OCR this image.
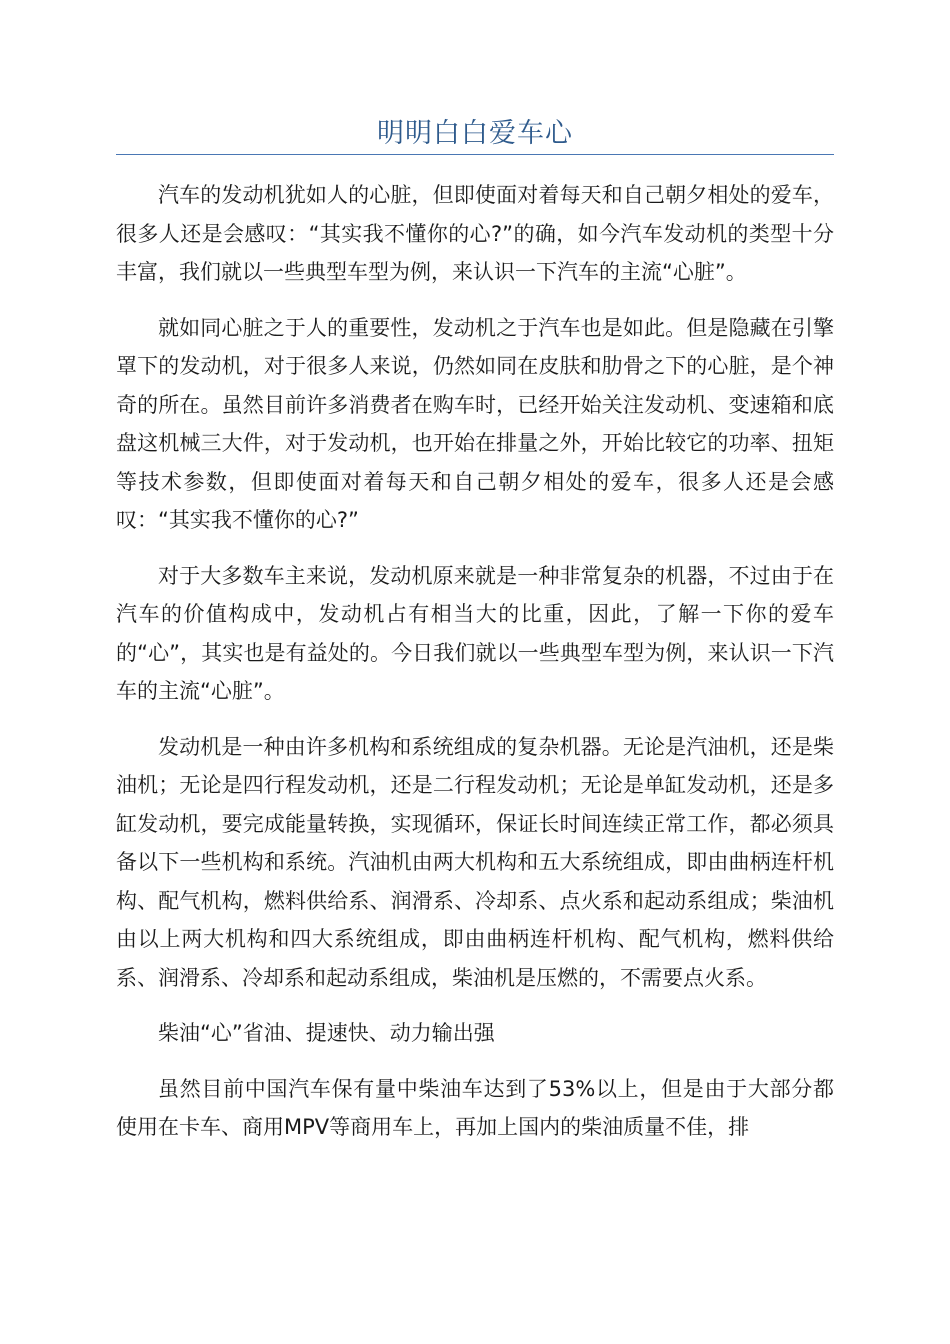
明明白白爱车心

汽车的发动机犹如人的心脏，但即使面对着每天和自己朝夕相处的爱车，很多人还是会感叹：“其实我不懂你的心?”的确，如今汽车发动机的类型十分丰富，我们就以一些典型车型为例，来认识一下汽车的主流“心脏”。

就如同心脏之于人的重要性，发动机之于汽车也是如此。但是隐藏在引擎罩下的发动机，对于很多人来说，仍然如同在皮肤和肋骨之下的心脏，是个神奇的所在。虽然目前许多消费者在购车时，已经开始关注发动机、变速箱和底盘这机械三大件，对于发动机，也开始在排量之外，开始比较它的功率、扭矩等技术参数，但即使面对着每天和自己朝夕相处的爱车，很多人还是会感叹：“其实我不懂你的心?”

对于大多数车主来说，发动机原来就是一种非常复杂的机器，不过由于在汽车的价值构成中，发动机占有相当大的比重，因此，了解一下你的爱车的“心”，其实也是有益处的。今日我们就以一些典型车型为例，来认识一下汽车的主流“心脏”。

发动机是一种由许多机构和系统组成的复杂机器。无论是汽油机，还是柴油机；无论是四行程发动机，还是二行程发动机；无论是单缸发动机，还是多缸发动机，要完成能量转换，实现循环，保证长时间连续正常工作，都必须具备以下一些机构和系统。汽油机由两大机构和五大系统组成，即由曲柄连杆机构、配气机构，燃料供给系、润滑系、冷却系、点火系和起动系组成；柴油机由以上两大机构和四大系统组成，即由曲柄连杆机构、配气机构，燃料供给系、润滑系、冷却系和起动系组成，柴油机是压燃的，不需要点火系。

柴油“心”省油、提速快、动力输出强

虽然目前中国汽车保有量中柴油车达到了53%以上，但是由于大部分都使用在卡车、商用MPV等商用车上，再加上国内的柴油质量不佳，排
